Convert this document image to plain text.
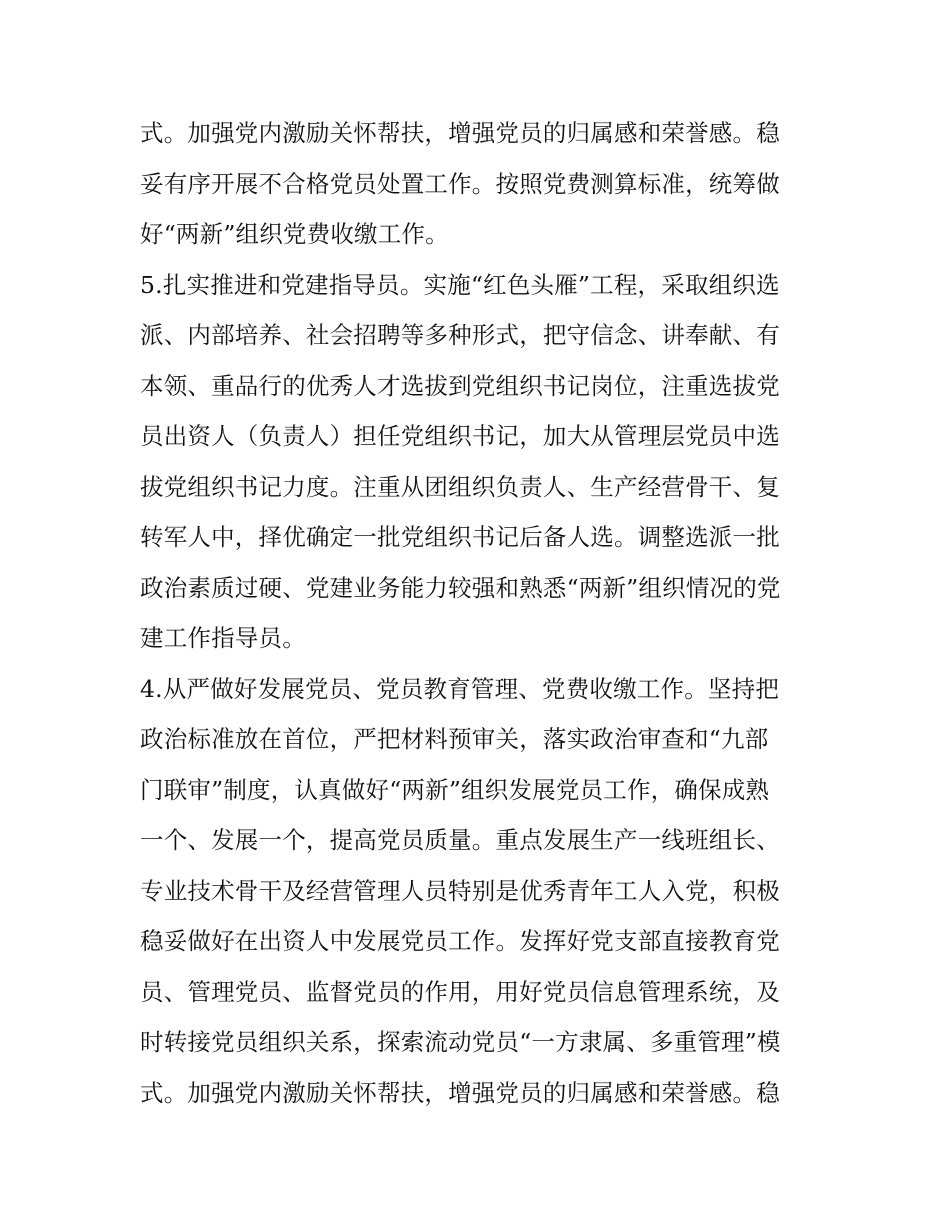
式。加强党内激励关怀帮扶，增强党员的归属感和荣誉感。稳
妥有序开展不合格党员处置工作。按照党费测算标准，统筹做
好“两新”组织党费收缴工作。
5.扎实推进和党建指导员。实施“红色头雁”工程，采取组织选
派、内部培养、社会招聘等多种形式，把守信念、讲奉献、有
本领、重品行的优秀人才选拔到党组织书记岗位，注重选拔党
员出资人（负责人）担任党组织书记，加大从管理层党员中选
拔党组织书记力度。注重从团组织负责人、生产经营骨干、复
转军人中，择优确定一批党组织书记后备人选。调整选派一批
政治素质过硬、党建业务能力较强和熟悉“两新”组织情况的党
建工作指导员。
4.从严做好发展党员、党员教育管理、党费收缴工作。坚持把
政治标准放在首位，严把材料预审关，落实政治审查和“九部
门联审”制度，认真做好“两新”组织发展党员工作，确保成熟
一个、发展一个，提高党员质量。重点发展生产一线班组长、
专业技术骨干及经营管理人员特别是优秀青年工人入党，积极
稳妥做好在出资人中发展党员工作。发挥好党支部直接教育党
员、管理党员、监督党员的作用，用好党员信息管理系统，及
时转接党员组织关系，探索流动党员“一方隶属、多重管理”模
式。加强党内激励关怀帮扶，增强党员的归属感和荣誉感。稳
